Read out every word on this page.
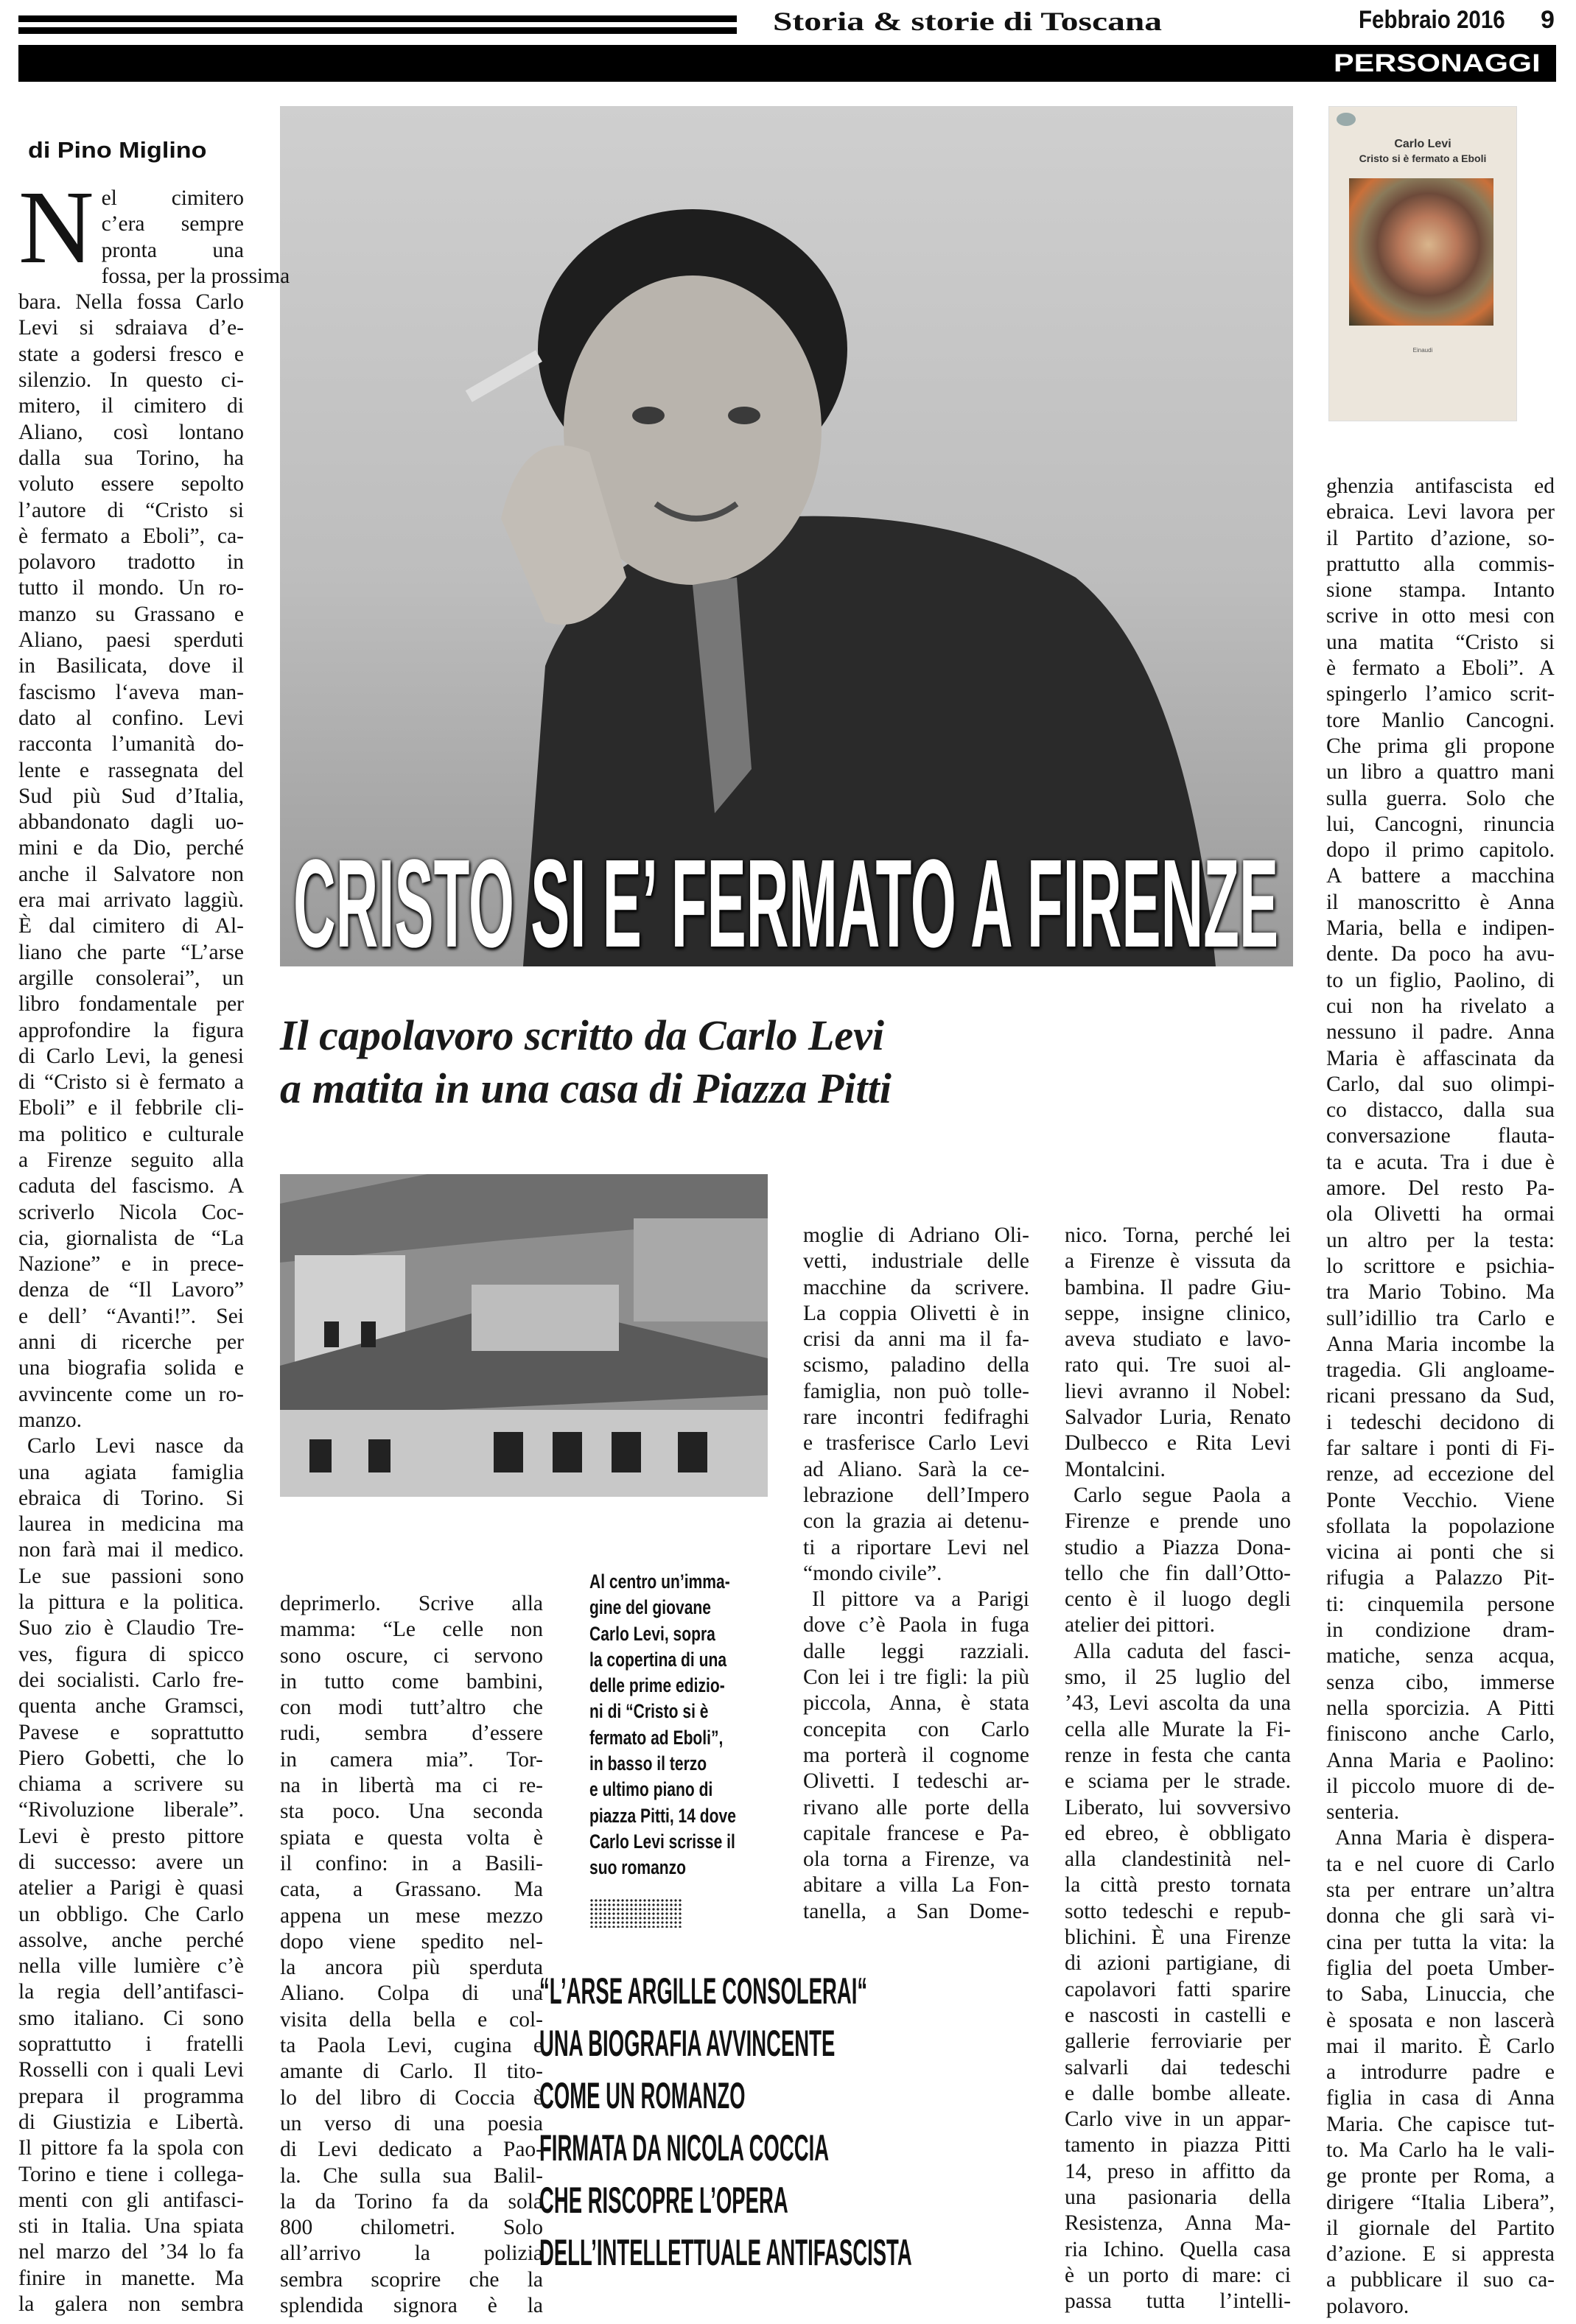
Storia & storie di Toscana	Febbraio 2016 9
PERSONAGGI
di Pino Miglino
CRISTO SI E’ FERMATO A FIRENZE
Carlo Levi
Cristo si è fermato a Eboli
Einaudi
Il capolavoro scritto da Carlo Levi
a matita in una casa di Piazza Pitti
Al centro un’imma-
gine del giovane
Carlo Levi, sopra
la copertina di una
delle prime edizio-
ni di “Cristo si è
fermato ad Eboli”,
in basso il terzo
e ultimo piano di
piazza Pitti, 14 dove
Carlo Levi scrisse il
suo romanzo
“L’ARSE ARGILLE CONSOLERAI“
UNA BIOGRAFIA AVVINCENTE
COME UN ROMANZO
FIRMATA DA NICOLA COCCIA
CHE RISCOPRE L’OPERA
DELL’INTELLETTUALE ANTIFASCISTA
N el cimitero
c’era sempre
pronta una
fossa, per la prossima
bara. Nella fossa Carlo
Levi si sdraiava d’e-
state a godersi fresco e
silenzio. In questo ci-
mitero, il cimitero di
Aliano, così lontano
dalla sua Torino, ha
voluto essere sepolto
l’autore di “Cristo si
è fermato a Eboli”, ca-
polavoro tradotto in
tutto il mondo. Un ro-
manzo su Grassano e
Aliano, paesi sperduti
in Basilicata, dove il
fascismo l‘aveva man-
dato al confino. Levi
racconta l’umanità do-
lente e rassegnata del
Sud più Sud d’Italia,
abbandonato dagli uo-
mini e da Dio, perché
anche il Salvatore non
era mai arrivato laggiù.
È dal cimitero di Al-
liano che parte “L’arse
argille consolerai”, un
libro fondamentale per
approfondire la figura
di Carlo Levi, la genesi
di “Cristo si è fermato a
Eboli” e il febbrile cli-
ma politico e culturale
a Firenze seguito alla
caduta del fascismo. A
scriverlo Nicola Coc-
cia, giornalista de “La
Nazione” e in prece-
denza de “Il Lavoro”
e dell’ “Avanti!”. Sei
anni di ricerche per
una biografia solida e
avvincente come un ro-
manzo.
Carlo Levi nasce da
una agiata famiglia
ebraica di Torino. Si
laurea in medicina ma
non farà mai il medico.
Le sue passioni sono
la pittura e la politica.
Suo zio è Claudio Tre-
ves, figura di spicco
dei socialisti. Carlo fre-
quenta anche Gramsci,
Pavese e soprattutto
Piero Gobetti, che lo
chiama a scrivere su
“Rivoluzione liberale”.
Levi è presto pittore
di successo: avere un
atelier a Parigi è quasi
un obbligo. Che Carlo
assolve, anche perché
nella ville lumière c’è
la regia dell’antifasci-
smo italiano. Ci sono
soprattutto i fratelli
Rosselli con i quali Levi
prepara il programma
di Giustizia e Libertà.
Il pittore fa la spola con
Torino e tiene i collega-
menti con gli antifasci-
sti in Italia. Una spiata
nel marzo del ’34 lo fa
finire in manette. Ma
la galera non sembra
deprimerlo. Scrive alla
mamma: “Le celle non
sono oscure, ci servono
in tutto come bambini,
con modi tutt’altro che
rudi, sembra d’essere
in camera mia”. Tor-
na in libertà ma ci re-
sta poco. Una seconda
spiata e questa volta è
il confino: in a Basili-
cata, a Grassano. Ma
appena un mese mezzo
dopo viene spedito nel-
la ancora più sperduta
Aliano. Colpa di una
visita della bella e col-
ta Paola Levi, cugina e
amante di Carlo. Il tito-
lo del libro di Coccia è
un verso di una poesia
di Levi dedicato a Pao-
la. Che sulla sua Balil-
la da Torino fa da sola
800 chilometri. Solo
all’arrivo la polizia
sembra scoprire che la
splendida signora è la
moglie di Adriano Oli-
vetti, industriale delle
macchine da scrivere.
La coppia Olivetti è in
crisi da anni ma il fa-
scismo, paladino della
famiglia, non può tolle-
rare incontri fedifraghi
e trasferisce Carlo Levi
ad Aliano. Sarà la ce-
lebrazione dell’Impero
con la grazia ai detenu-
ti a riportare Levi nel
“mondo civile”.
Il pittore va a Parigi
dove c’è Paola in fuga
dalle leggi razziali.
Con lei i tre figli: la più
piccola, Anna, è stata
concepita con Carlo
ma porterà il cognome
Olivetti. I tedeschi ar-
rivano alle porte della
capitale francese e Pa-
ola torna a Firenze, va
abitare a villa La Fon-
tanella, a San Dome-
nico. Torna, perché lei
a Firenze è vissuta da
bambina. Il padre Giu-
seppe, insigne clinico,
aveva studiato e lavo-
rato qui. Tre suoi al-
lievi avranno il Nobel:
Salvador Luria, Renato
Dulbecco e Rita Levi
Montalcini.
Carlo segue Paola a
Firenze e prende uno
studio a Piazza Dona-
tello che fin dall’Otto-
cento è il luogo degli
atelier dei pittori.
Alla caduta del fasci-
smo, il 25 luglio del
’43, Levi ascolta da una
cella alle Murate la Fi-
renze in festa che canta
e sciama per le strade.
Liberato, lui sovversivo
ed ebreo, è obbligato
alla clandestinità nel-
la città presto tornata
sotto tedeschi e repub-
blichini. È una Firenze
di azioni partigiane, di
capolavori fatti sparire
e nascosti in castelli e
gallerie ferroviarie per
salvarli dai tedeschi
e dalle bombe alleate.
Carlo vive in un appar-
tamento in piazza Pitti
14, preso in affitto da
una pasionaria della
Resistenza, Anna Ma-
ria Ichino. Quella casa
è un porto di mare: ci
passa tutta l’intelli-
ghenzia antifascista ed
ebraica. Levi lavora per
il Partito d’azione, so-
prattutto alla commis-
sione stampa. Intanto
scrive in otto mesi con
una matita “Cristo si
è fermato a Eboli”. A
spingerlo l’amico scrit-
tore Manlio Cancogni.
Che prima gli propone
un libro a quattro mani
sulla guerra. Solo che
lui, Cancogni, rinuncia
dopo il primo capitolo.
A battere a macchina
il manoscritto è Anna
Maria, bella e indipen-
dente. Da poco ha avu-
to un figlio, Paolino, di
cui non ha rivelato a
nessuno il padre. Anna
Maria è affascinata da
Carlo, dal suo olimpi-
co distacco, dalla sua
conversazione flauta-
ta e acuta. Tra i due è
amore. Del resto Pa-
ola Olivetti ha ormai
un altro per la testa:
lo scrittore e psichia-
tra Mario Tobino. Ma
sull’idillio tra Carlo e
Anna Maria incombe la
tragedia. Gli angloame-
ricani pressano da Sud,
i tedeschi decidono di
far saltare i ponti di Fi-
renze, ad eccezione del
Ponte Vecchio. Viene
sfollata la popolazione
vicina ai ponti che si
rifugia a Palazzo Pit-
ti: cinquemila persone
in condizione dram-
matiche, senza acqua,
senza cibo, immerse
nella sporcizia. A Pitti
finiscono anche Carlo,
Anna Maria e Paolino:
il piccolo muore di de-
senteria.
Anna Maria è dispera-
ta e nel cuore di Carlo
sta per entrare un’altra
donna che gli sarà vi-
cina per tutta la vita: la
figlia del poeta Umber-
to Saba, Linuccia, che
è sposata e non lascerà
mai il marito. È Carlo
a introdurre padre e
figlia in casa di Anna
Maria. Che capisce tut-
to. Ma Carlo ha le vali-
ge pronte per Roma, a
dirigere “Italia Libera”,
il giornale del Partito
d’azione. E si appresta
a pubblicare il suo ca-
polavoro.
